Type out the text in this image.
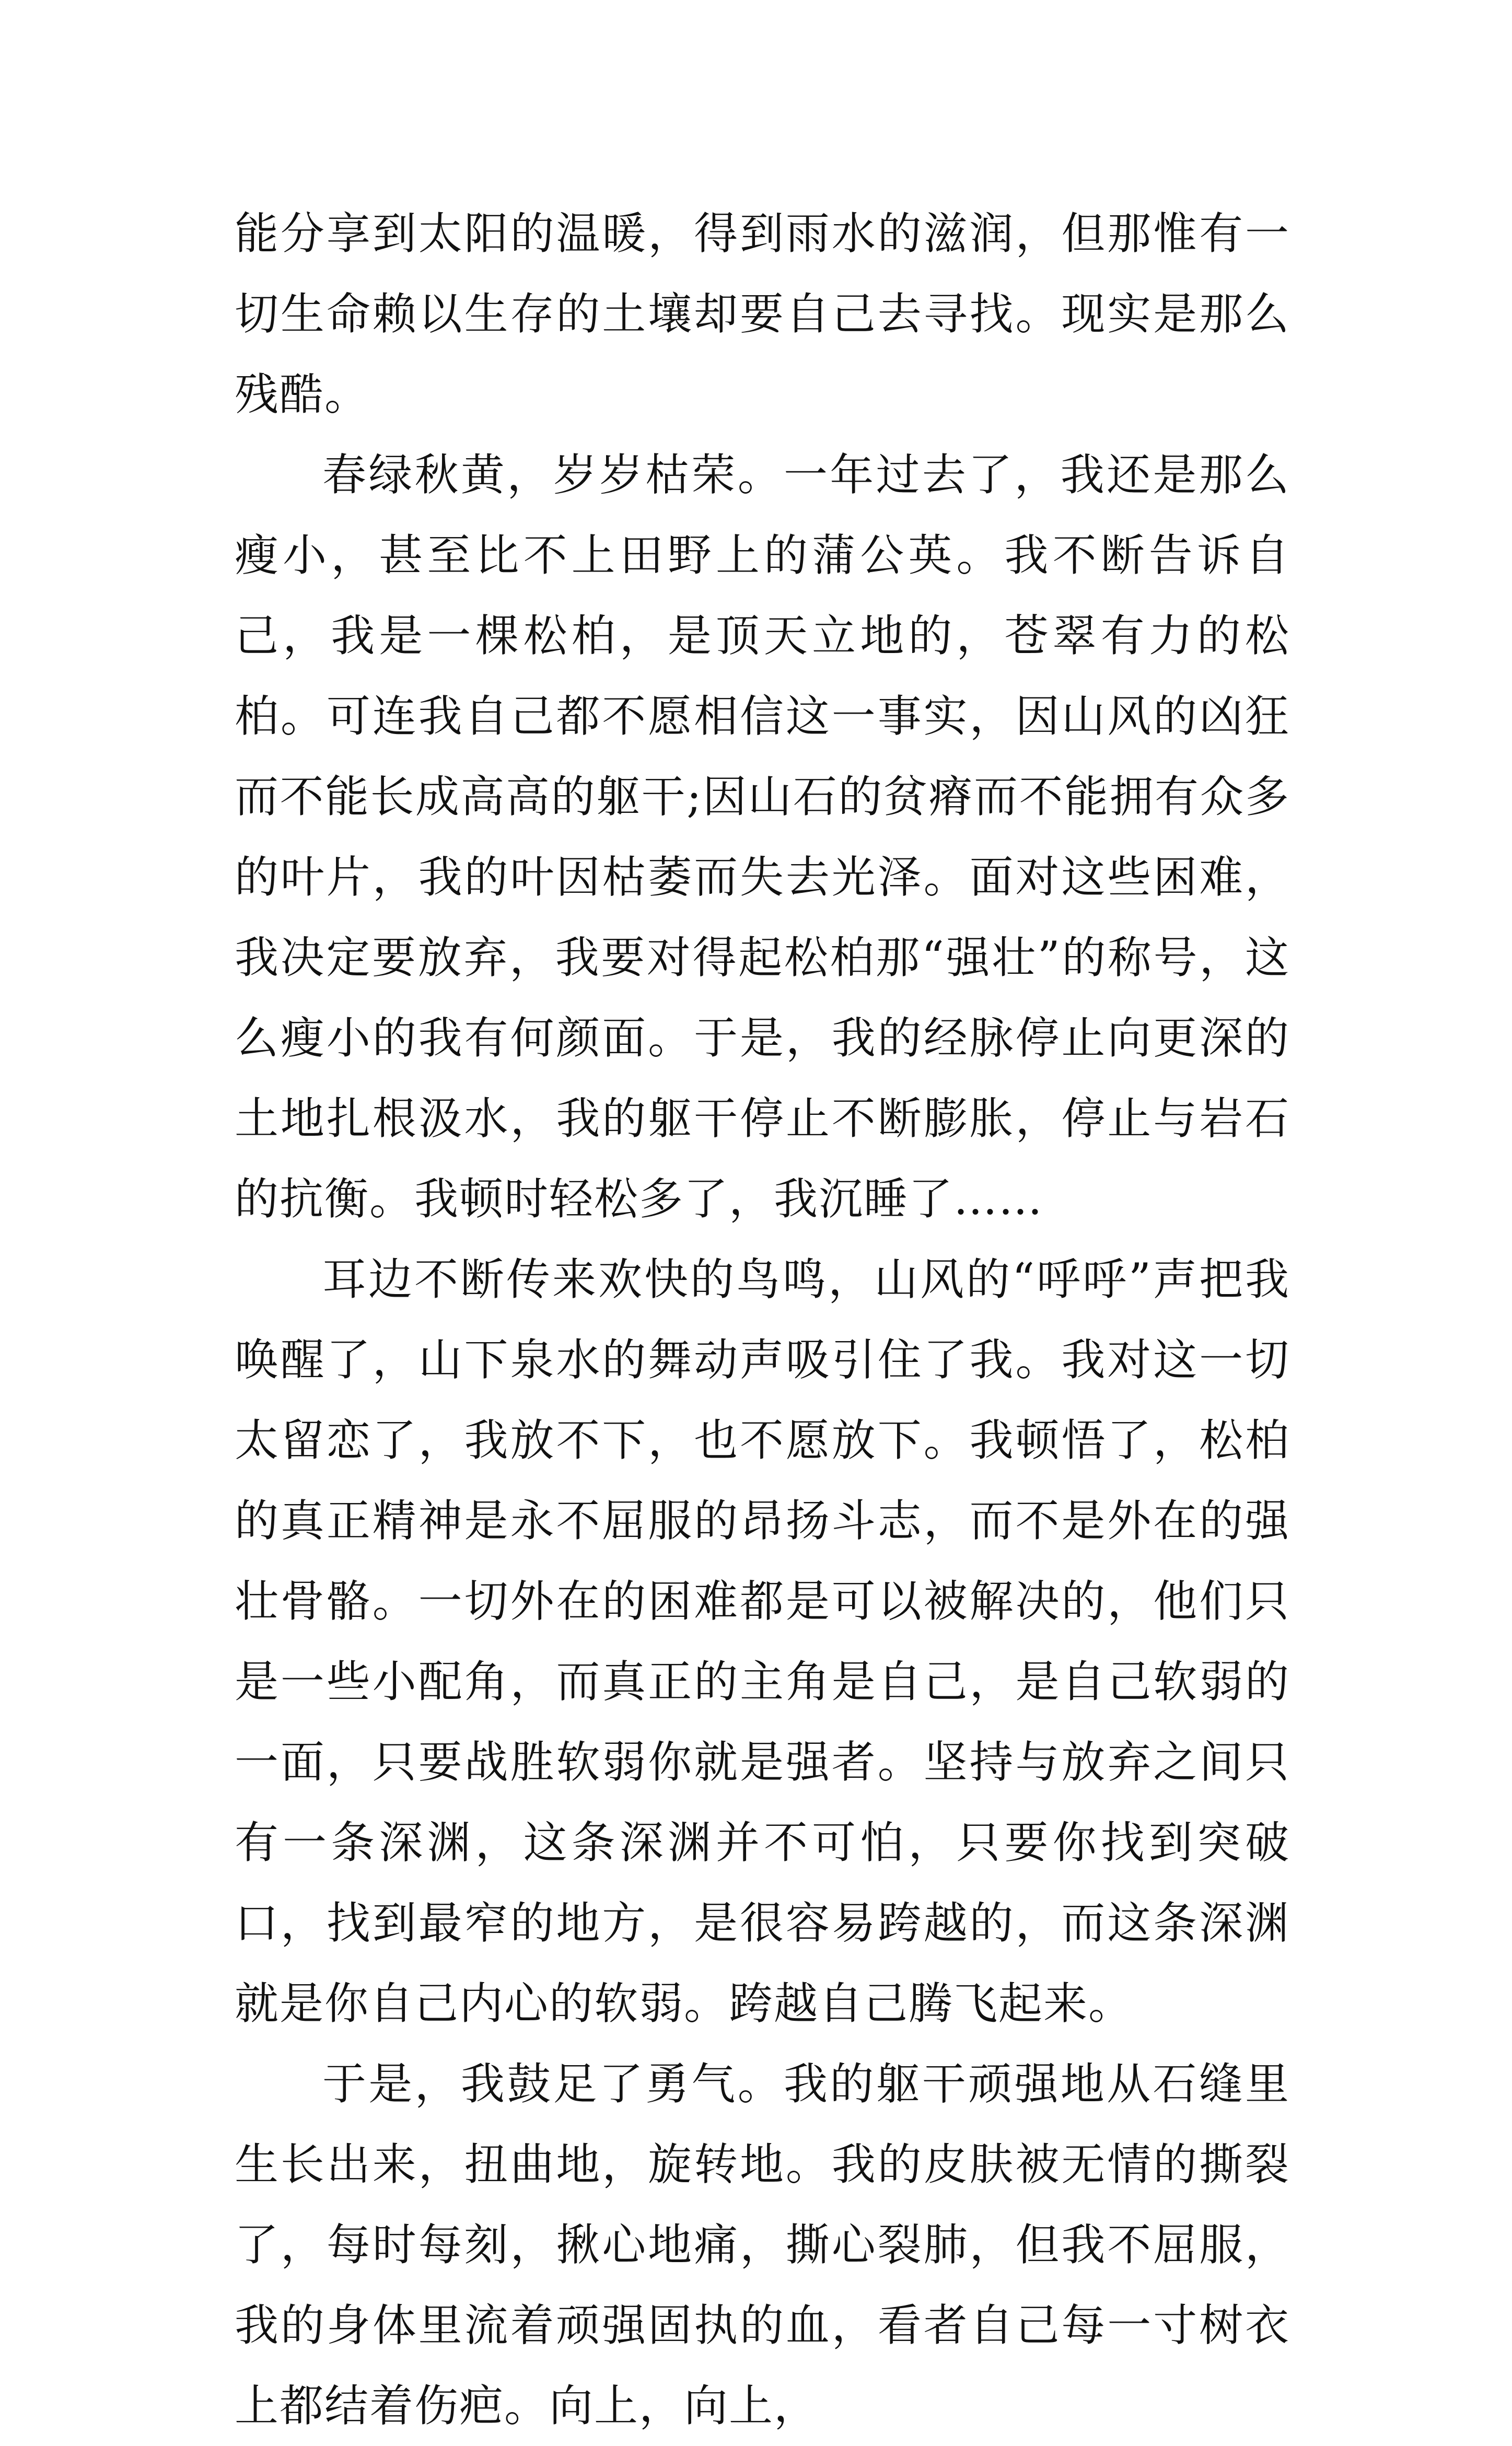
能分享到太阳的温暖，得到雨水的滋润，但那惟有一切生命赖以生存的土壤却要自己去寻找。现实是那么残酷。

春绿秋黄，岁岁枯荣。一年过去了，我还是那么瘦小，甚至比不上田野上的蒲公英。我不断告诉自己，我是一棵松柏，是顶天立地的，苍翠有力的松柏。可连我自己都不愿相信这一事实，因山风的凶狂而不能长成高高的躯干;因山石的贫瘠而不能拥有众多的叶片，我的叶因枯萎而失去光泽。面对这些困难，我决定要放弃，我要对得起松柏那“强壮”的称号，这么瘦小的我有何颜面。于是，我的经脉停止向更深的土地扎根汲水，我的躯干停止不断膨胀，停止与岩石的抗衡。我顿时轻松多了，我沉睡了……

耳边不断传来欢快的鸟鸣，山风的“呼呼”声把我唤醒了，山下泉水的舞动声吸引住了我。我对这一切太留恋了，我放不下，也不愿放下。我顿悟了，松柏的真正精神是永不屈服的昂扬斗志，而不是外在的强壮骨骼。一切外在的困难都是可以被解决的，他们只是一些小配角，而真正的主角是自己，是自己软弱的一面，只要战胜软弱你就是强者。坚持与放弃之间只有一条深渊，这条深渊并不可怕，只要你找到突破口，找到最窄的地方，是很容易跨越的，而这条深渊就是你自己内心的软弱。跨越自己腾飞起来。

于是，我鼓足了勇气。我的躯干顽强地从石缝里生长出来，扭曲地，旋转地。我的皮肤被无情的撕裂了，每时每刻，揪心地痛，撕心裂肺，但我不屈服，我的身体里流着顽强固执的血，看者自己每一寸树衣上都结着伤疤。向上，向上，
